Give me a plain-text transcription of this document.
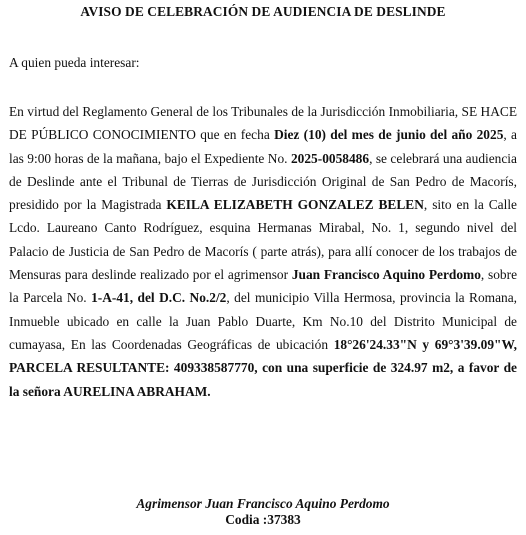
AVISO DE CELEBRACIÓN DE AUDIENCIA DE DESLINDE

A quien pueda interesar:

En virtud del Reglamento General de los Tribunales de la Jurisdicción Inmobiliaria, SE HACE DE PÚBLICO CONOCIMIENTO que en fecha Diez (10) del mes de junio del año 2025, a las 9:00 horas de la mañana, bajo el Expediente No. 2025-0058486, se celebrará una audiencia de Deslinde ante el Tribunal de Tierras de Jurisdicción Original de San Pedro de Macorís, presidido por la Magistrada KEILA ELIZABETH GONZALEZ BELEN, sito en la Calle Lcdo. Laureano Canto Rodríguez, esquina Hermanas Mirabal, No. 1, segundo nivel del Palacio de Justicia de San Pedro de Macorís ( parte atrás), para allí conocer de los trabajos de Mensuras para deslinde realizado por el agrimensor Juan Francisco Aquino Perdomo, sobre la Parcela No. 1-A-41, del D.C. No.2/2, del municipio Villa Hermosa, provincia la Romana, Inmueble ubicado en calle la Juan Pablo Duarte, Km No.10 del Distrito Municipal de cumayasa, En las Coordenadas Geográficas de ubicación 18°26'24.33"N y 69°3'39.09"W, PARCELA RESULTANTE: 409338587770, con una superficie de 324.97 m2, a favor de la señora AURELINA ABRAHAM.

Agrimensor Juan Francisco Aquino Perdomo
Codia :37383
